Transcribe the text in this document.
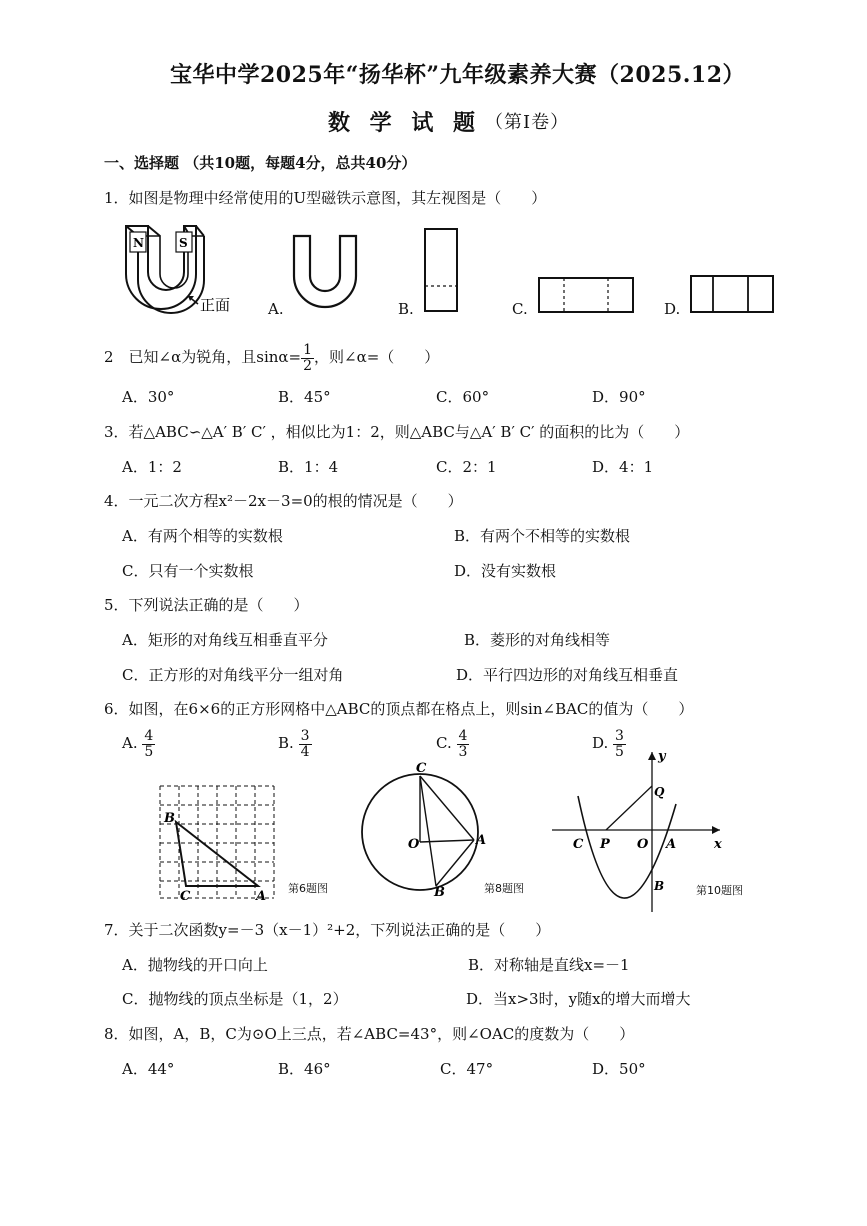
宝华中学2025年“扬华杯”九年级素养大赛（2025.12）
数 学 试 题 （第Ⅰ卷）
一、选择题 （共10题，每题4分，总共40分）
1．如图是物理中经常使用的U型磁铁示意图，其左视图是（　　）
N	S
正面	A.	B.	C.	D.
2　已知∠α为锐角，且$\sin\alpha= \frac{1}{2}$ ，则∠α=（　　）
A．30°	B．45°	C．60°	D．90°
3．若△ABC∽△A′ B′ C′ ，相似比为1：2，则△ABC与△A′ B′ C′ 的面积的比为（　　）
A．1：2	B．1：4	C．2：1	D．4：1
4．一元二次方程x²－2x－3=0的根的情况是（　　）
A．有两个相等的实数根	B．有两个不相等的实数根
C．只有一个实数根	D．没有实数根
5．下列说法正确的是（　　）
A．矩形的对角线互相垂直平分	B．菱形的对角线相等
C．正方形的对角线平分一组对角	D．平行四边形的对角线互相垂直
6．如图，在6×6的正方形网格中△ABC的顶点都在格点上，则sin∠BAC的值为（　　）
A. $\frac{4}{5}$	B. $\frac{3}{4}$	C. $\frac{4}{3}$	D. $\frac{3}{5}$
B
C	A
第6题图
C
O	A
B	第8题图
y
Q
C P O A	x
B	第10题图
7．关于二次函数y=－3（x－1）²+2，下列说法正确的是（　　）
A．抛物线的开口向上	B．对称轴是直线x=－1
C．抛物线的顶点坐标是（1，2）	D．当x>3时，y随x的增大而增大
8．如图，A，B，C为⊙O上三点，若∠ABC=43°，则∠OAC的度数为（　　）
A．44°	B．46°	C．47°	D．50°
